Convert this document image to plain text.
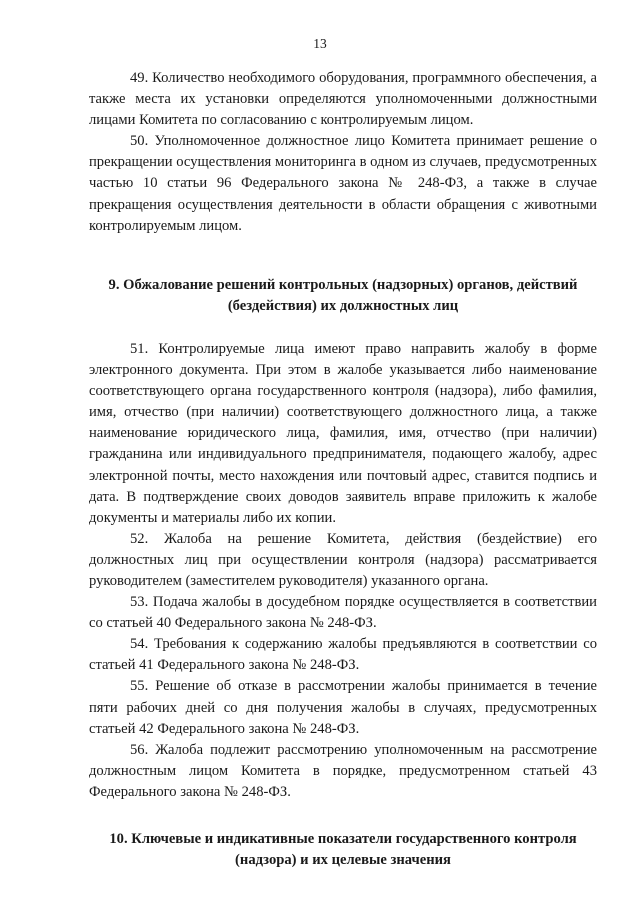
13

49. Количество необходимого оборудования, программного обеспечения, а также места их установки определяются уполномоченными должностными лицами Комитета по согласованию с контролируемым лицом.

50. Уполномоченное должностное лицо Комитета принимает решение о прекращении осуществления мониторинга в одном из случаев, предусмотренных частью 10 статьи 96 Федерального закона № 248-ФЗ, а также в случае прекращения осуществления деятельности в области обращения с животными контролируемым лицом.

9. Обжалование решений контрольных (надзорных) органов, действий (бездействия) их должностных лиц

51. Контролируемые лица имеют право направить жалобу в форме электронного документа. При этом в жалобе указывается либо наименование соответствующего органа государственного контроля (надзора), либо фамилия, имя, отчество (при наличии) соответствующего должностного лица, а также наименование юридического лица, фамилия, имя, отчество (при наличии) гражданина или индивидуального предпринимателя, подающего жалобу, адрес электронной почты, место нахождения или почтовый адрес, ставится подпись и дата. В подтверждение своих доводов заявитель вправе приложить к жалобе документы и материалы либо их копии.

52. Жалоба на решение Комитета, действия (бездействие) его должностных лиц при осуществлении контроля (надзора) рассматривается руководителем (заместителем руководителя) указанного органа.

53. Подача жалобы в досудебном порядке осуществляется в соответствии со статьей 40 Федерального закона № 248-ФЗ.

54. Требования к содержанию жалобы предъявляются в соответствии со статьей 41 Федерального закона № 248-ФЗ.

55. Решение об отказе в рассмотрении жалобы принимается в течение пяти рабочих дней со дня получения жалобы в случаях, предусмотренных статьей 42 Федерального закона № 248-ФЗ.

56. Жалоба подлежит рассмотрению уполномоченным на рассмотрение должностным лицом Комитета в порядке, предусмотренном статьей 43 Федерального закона № 248-ФЗ.

10. Ключевые и индикативные показатели государственного контроля (надзора) и их целевые значения
